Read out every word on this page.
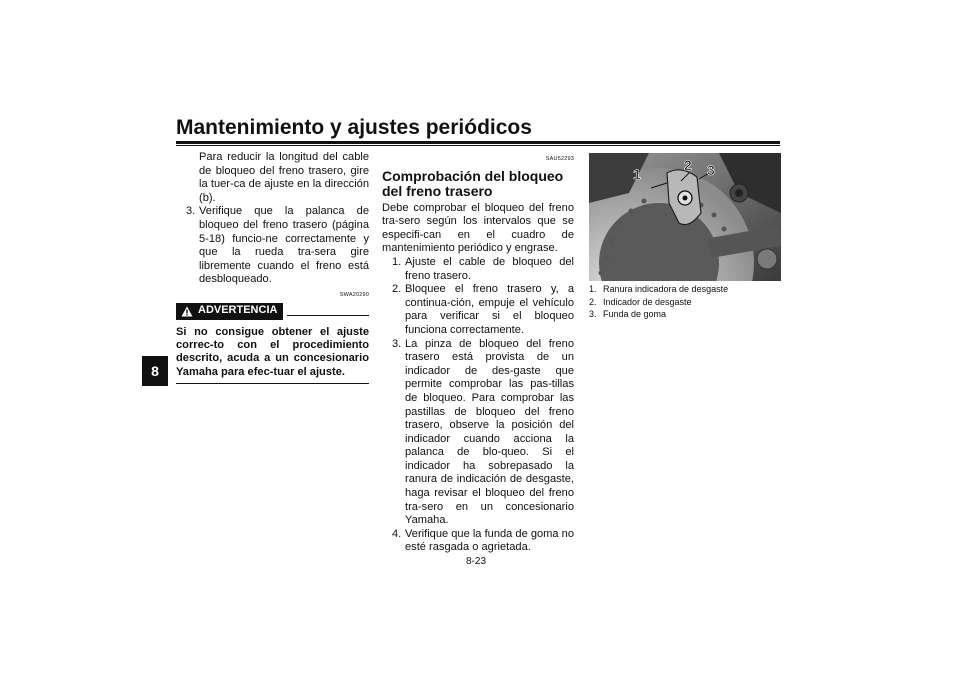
Mantenimiento y ajustes periódicos
8
Para reducir la longitud del cable de bloqueo del freno trasero, gire la tuer-ca de ajuste en la dirección (b).
3. Verifique que la palanca de bloqueo del freno trasero (página 5-18) funcio-ne correctamente y que la rueda tra-sera gire libremente cuando el freno está desbloqueado.
SWA20290
ADVERTENCIA
Si no consigue obtener el ajuste correc-to con el procedimiento descrito, acuda a un concesionario Yamaha para efec-tuar el ajuste.
SAU52293
Comprobación del bloqueo del freno trasero
Debe comprobar el bloqueo del freno tra-sero según los intervalos que se especifi-can en el cuadro de mantenimiento periódico y engrase.
1. Ajuste el cable de bloqueo del freno trasero.
2. Bloquee el freno trasero y, a continua-ción, empuje el vehículo para verificar si el bloqueo funciona correctamente.
3. La pinza de bloqueo del freno trasero está provista de un indicador de des-gaste que permite comprobar las pas-tillas de bloqueo. Para comprobar las pastillas de bloqueo del freno trasero, observe la posición del indicador cuando acciona la palanca de blo-queo. Si el indicador ha sobrepasado la ranura de indicación de desgaste, haga revisar el bloqueo del freno tra-sero en un concesionario Yamaha.
4. Verifique que la funda de goma no esté rasgada o agrietada.
1
2 3
1. Ranura indicadora de desgaste
2. Indicador de desgaste
3. Funda de goma
8-23
